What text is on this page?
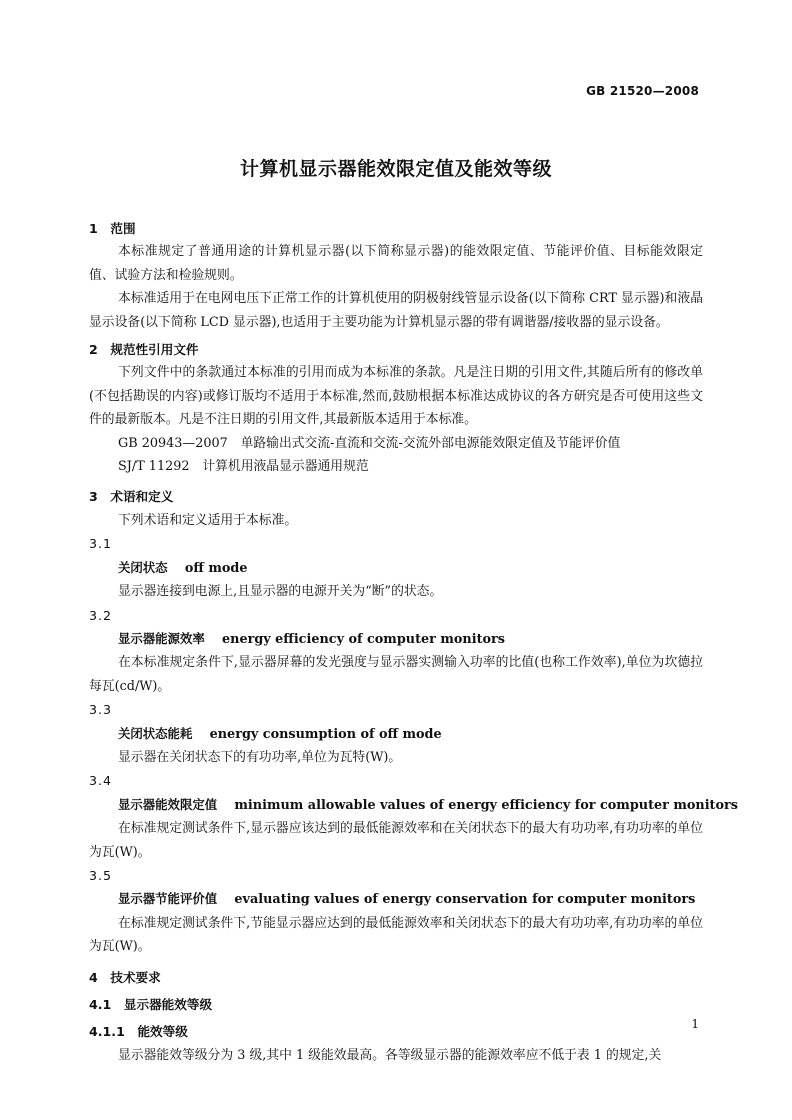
GB 21520—2008
计算机显示器能效限定值及能效等级
1　范围
本标准规定了普通用途的计算机显示器(以下简称显示器)的能效限定值、节能评价值、目标能效限定值、试验方法和检验规则。
本标准适用于在电网电压下正常工作的计算机使用的阴极射线管显示设备(以下简称 CRT 显示器)和液晶显示设备(以下简称 LCD 显示器),也适用于主要功能为计算机显示器的带有调谐器/接收器的显示设备。
2　规范性引用文件
下列文件中的条款通过本标准的引用而成为本标准的条款。凡是注日期的引用文件,其随后所有的修改单(不包括勘误的内容)或修订版均不适用于本标准,然而,鼓励根据本标准达成协议的各方研究是否可使用这些文件的最新版本。凡是不注日期的引用文件,其最新版本适用于本标准。
GB 20943—2007　单路输出式交流-直流和交流-交流外部电源能效限定值及节能评价值
SJ/T 11292　计算机用液晶显示器通用规范
3　术语和定义
下列术语和定义适用于本标准。
3.1
关闭状态　 off mode
显示器连接到电源上,且显示器的电源开关为“断”的状态。
3.2
显示器能源效率　 energy efficiency of computer monitors
在本标准规定条件下,显示器屏幕的发光强度与显示器实测输入功率的比值(也称工作效率),单位为坎德拉每瓦(cd/W)。
3.3
关闭状态能耗　 energy consumption of off mode
显示器在关闭状态下的有功功率,单位为瓦特(W)。
3.4
显示器能效限定值　 minimum allowable values of energy efficiency for computer monitors
在标准规定测试条件下,显示器应该达到的最低能源效率和在关闭状态下的最大有功功率,有功功率的单位为瓦(W)。
3.5
显示器节能评价值　 evaluating values of energy conservation for computer monitors
在标准规定测试条件下,节能显示器应达到的最低能源效率和关闭状态下的最大有功功率,有功功率的单位为瓦(W)。
4　技术要求
4.1　显示器能效等级
4.1.1　能效等级
显示器能效等级分为 3 级,其中 1 级能效最高。各等级显示器的能源效率应不低于表 1 的规定,关
1
